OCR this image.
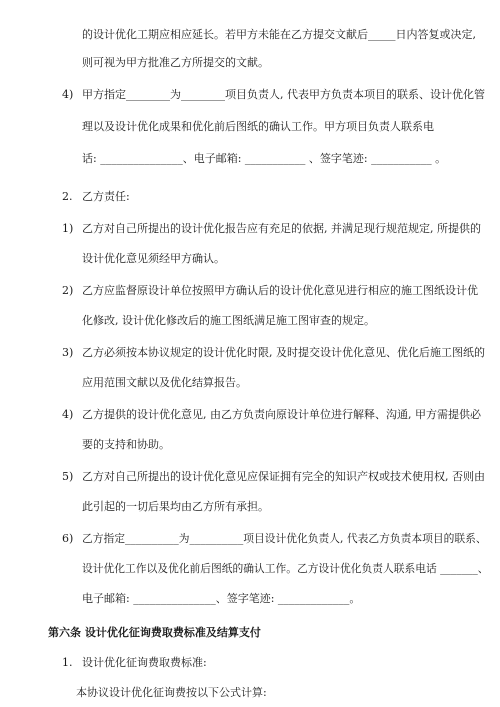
的设计优化工期应相应延长。若甲方未能在乙方提交文献后_____日内答复或决定,
则可视为甲方批准乙方所提交的文献。
4) 甲方指定________为________项目负责人, 代表甲方负责本项目的联系、设计优化管
理以及设计优化成果和优化前后图纸的确认工作。甲方项目负责人联系电
话: _______________、电子邮箱: ___________ 、签字笔迹: ___________ 。
2. 乙方责任:
1) 乙方对自己所提出的设计优化报告应有充足的依据, 并满足现行规范规定, 所提供的
设计优化意见须经甲方确认。
2) 乙方应监督原设计单位按照甲方确认后的设计优化意见进行相应的施工图纸设计优
化修改, 设计优化修改后的施工图纸满足施工图审查的规定。
3) 乙方必须按本协议规定的设计优化时限, 及时提交设计优化意见、优化后施工图纸的
应用范围文献以及优化结算报告。
4) 乙方提供的设计优化意见, 由乙方负责向原设计单位进行解释、沟通, 甲方需提供必
要的支持和协助。
5) 乙方对自己所提出的设计优化意见应保证拥有完全的知识产权或技术使用权, 否则由
此引起的一切后果均由乙方所有承担。
6) 乙方指定__________为__________项目设计优化负责人, 代表乙方负责本项目的联系、
设计优化工作以及优化前后图纸的确认工作。乙方设计优化负责人联系电话 _______、
电子邮箱: _______________、签字笔迹: _____________。
第六条 设计优化征询费取费标准及结算支付
1. 设计优化征询费取费标准:
本协议设计优化征询费按以下公式计算:
